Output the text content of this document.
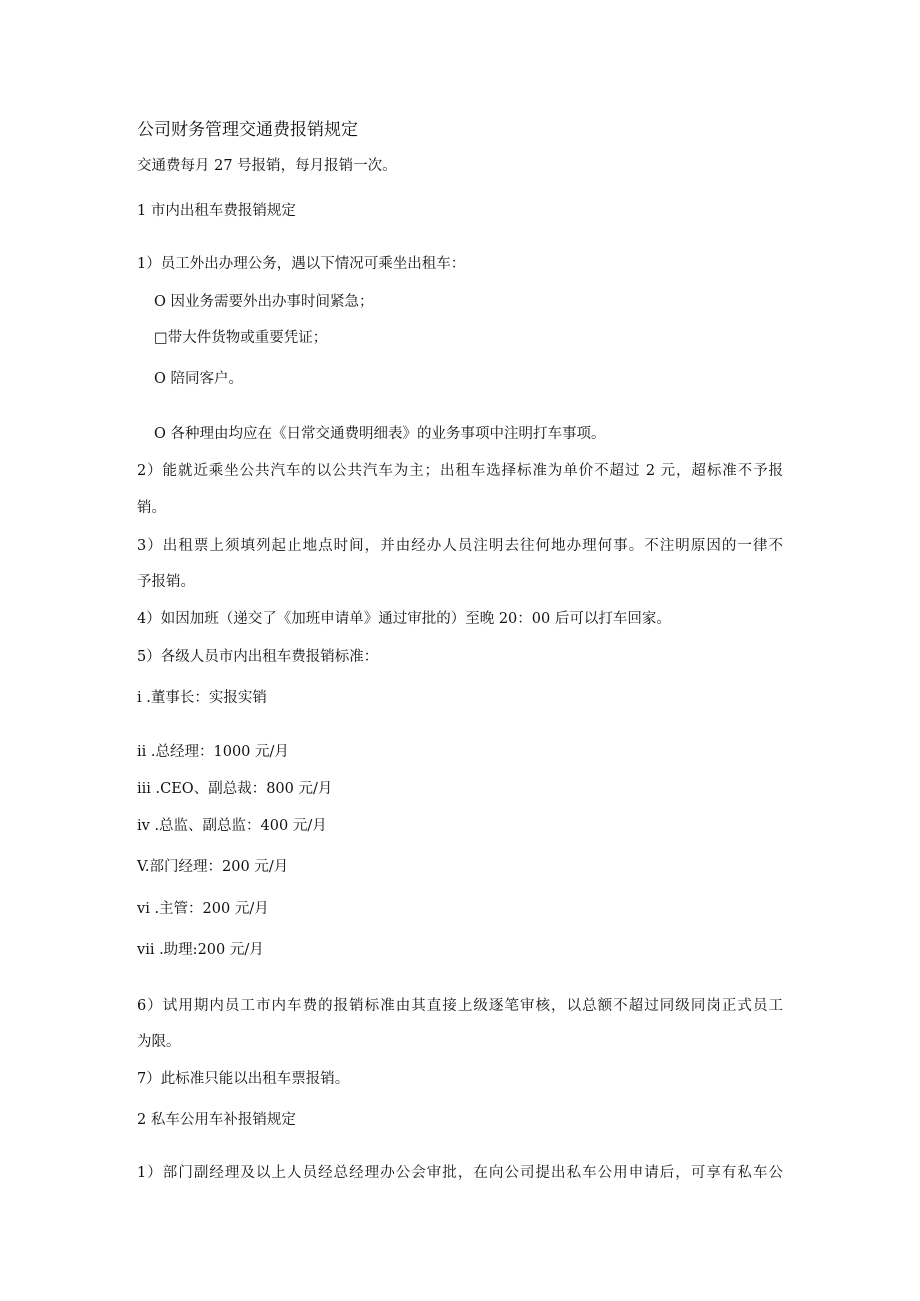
公司财务管理交通费报销规定

交通费每月 27 号报销，每月报销一次。

1 市内出租车费报销规定

1）员工外出办理公务，遇以下情况可乘坐出租车：

O 因业务需要外出办事时间紧急；

□带大件货物或重要凭证；

O 陪同客户。

O 各种理由均应在《日常交通费明细表》的业务事项中注明打车事项。

2）能就近乘坐公共汽车的以公共汽车为主；出租车选择标准为单价不超过 2 元，超标准不予报

销。

3）出租票上须填列起止地点时间，并由经办人员注明去往何地办理何事。不注明原因的一律不

予报销。

4）如因加班（递交了《加班申请单》通过审批的）至晚 20：00 后可以打车回家。

5）各级人员市内出租车费报销标准：

i .董事长：实报实销

ii .总经理：1000 元/月

iii .CEO、副总裁：800 元/月

iv .总监、副总监：400 元/月

V.部门经理：200 元/月

vi .主管：200 元/月

vii .助理:200 元/月

6）试用期内员工市内车费的报销标准由其直接上级逐笔审核，以总额不超过同级同岗正式员工

为限。

7）此标准只能以出租车票报销。

2 私车公用车补报销规定

1）部门副经理及以上人员经总经理办公会审批，在向公司提出私车公用申请后，可享有私车公
